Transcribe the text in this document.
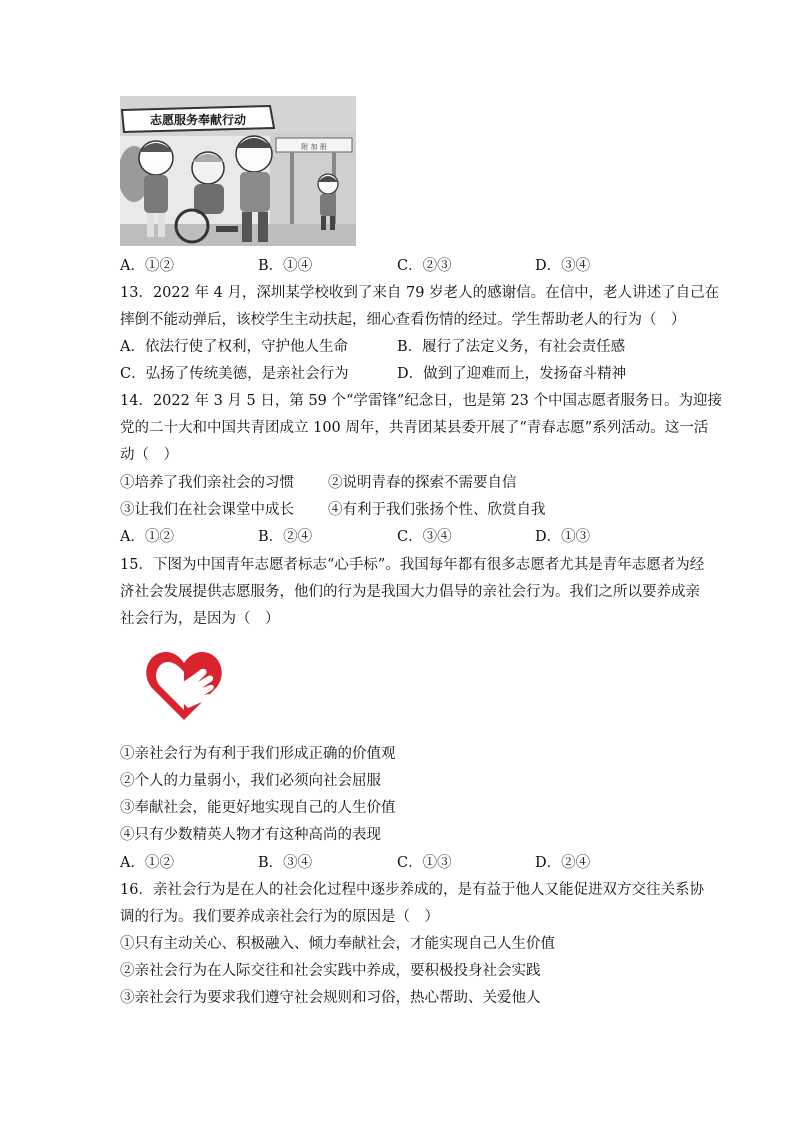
附 加 册
志愿服务奉献行动
A．①②	B．①④	C．②③	D．③④
13．2022 年 4 月，深圳某学校收到了来自 79 岁老人的感谢信。在信中，老人讲述了自己在
摔倒不能动弹后，该校学生主动扶起，细心查看伤情的经过。学生帮助老人的行为（　）
A．依法行使了权利，守护他人生命	B．履行了法定义务，有社会责任感
C．弘扬了传统美德，是亲社会行为	D．做到了迎难而上，发扬奋斗精神
14．2022 年 3 月 5 日，第 59 个“学雷锋”纪念日，也是第 23 个中国志愿者服务日。为迎接
党的二十大和中国共青团成立 100 周年，共青团某县委开展了“青春志愿”系列活动。这一活
动（　）
①培养了我们亲社会的习惯 ②说明青春的探索不需要自信
③让我们在社会课堂中成长 ④有利于我们张扬个性、欣赏自我
A．①②	B．②④	C．③④	D．①③
15．下图为中国青年志愿者标志“心手标”。我国每年都有很多志愿者尤其是青年志愿者为经
济社会发展提供志愿服务，他们的行为是我国大力倡导的亲社会行为。我们之所以要养成亲
社会行为，是因为（　）
①亲社会行为有利于我们形成正确的价值观
②个人的力量弱小，我们必须向社会屈服
③奉献社会，能更好地实现自己的人生价值
④只有少数精英人物才有这种高尚的表现
A．①②	B．③④	C．①③	D．②④
16．亲社会行为是在人的社会化过程中逐步养成的，是有益于他人又能促进双方交往关系协
调的行为。我们要养成亲社会行为的原因是（　）
①只有主动关心、积极融入、倾力奉献社会，才能实现自己人生价值
②亲社会行为在人际交往和社会实践中养成，要积极投身社会实践
③亲社会行为要求我们遵守社会规则和习俗，热心帮助、关爱他人
